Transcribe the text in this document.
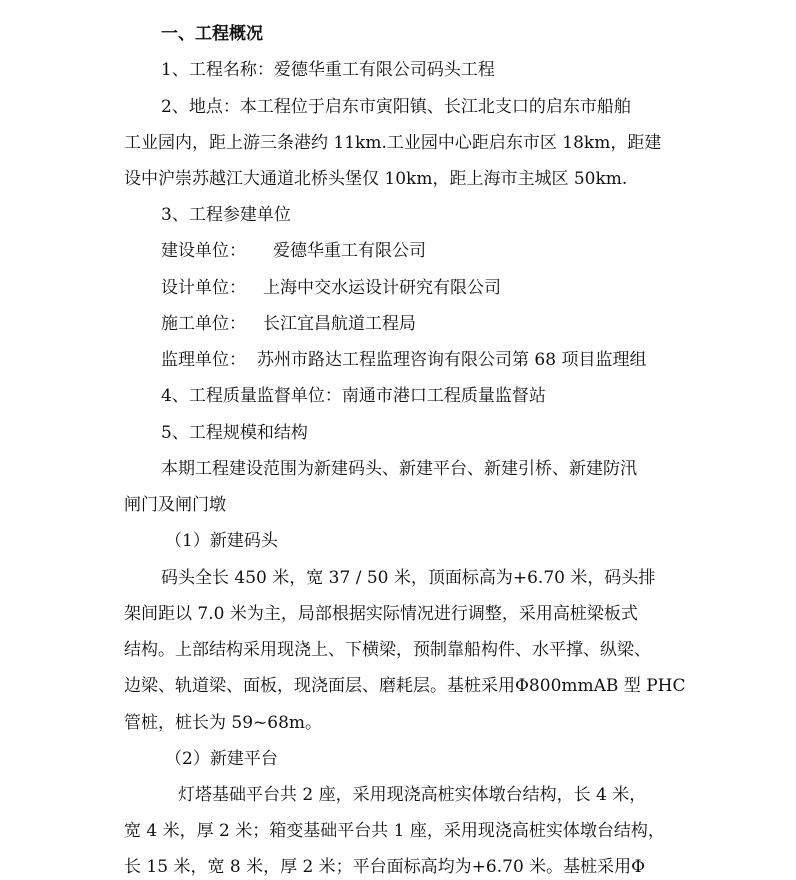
一、工程概况
1、工程名称：爱德华重工有限公司码头工程
2、地点：本工程位于启东市寅阳镇、长江北支口的启东市船舶
工业园内，距上游三条港约 11km.工业园中心距启东市区 18km，距建
设中沪崇苏越江大通道北桥头堡仅 10km，距上海市主城区 50km.
3、工程参建单位
建设单位： 爱德华重工有限公司
设计单位： 上海中交水运设计研究有限公司
施工单位： 长江宜昌航道工程局
监理单位： 苏州市路达工程监理咨询有限公司第 68 项目监理组
4、工程质量监督单位：南通市港口工程质量监督站
5、工程规模和结构
本期工程建设范围为新建码头、新建平台、新建引桥、新建防汛
闸门及闸门墩
（1）新建码头
码头全长 450 米，宽 37 / 50 米，顶面标高为+6.70 米，码头排
架间距以 7.0 米为主，局部根据实际情况进行调整，采用高桩梁板式
结构。上部结构采用现浇上、下横梁，预制靠船构件、水平撑、纵梁、
边梁、轨道梁、面板，现浇面层、磨耗层。基桩采用Φ800mmAB 型 PHC
管桩，桩长为 59~68m。
（2）新建平台
灯塔基础平台共 2 座，采用现浇高桩实体墩台结构，长 4 米，
宽 4 米，厚 2 米；箱变基础平台共 1 座，采用现浇高桩实体墩台结构，
长 15 米，宽 8 米，厚 2 米；平台面标高均为+6.70 米。基桩采用Φ
